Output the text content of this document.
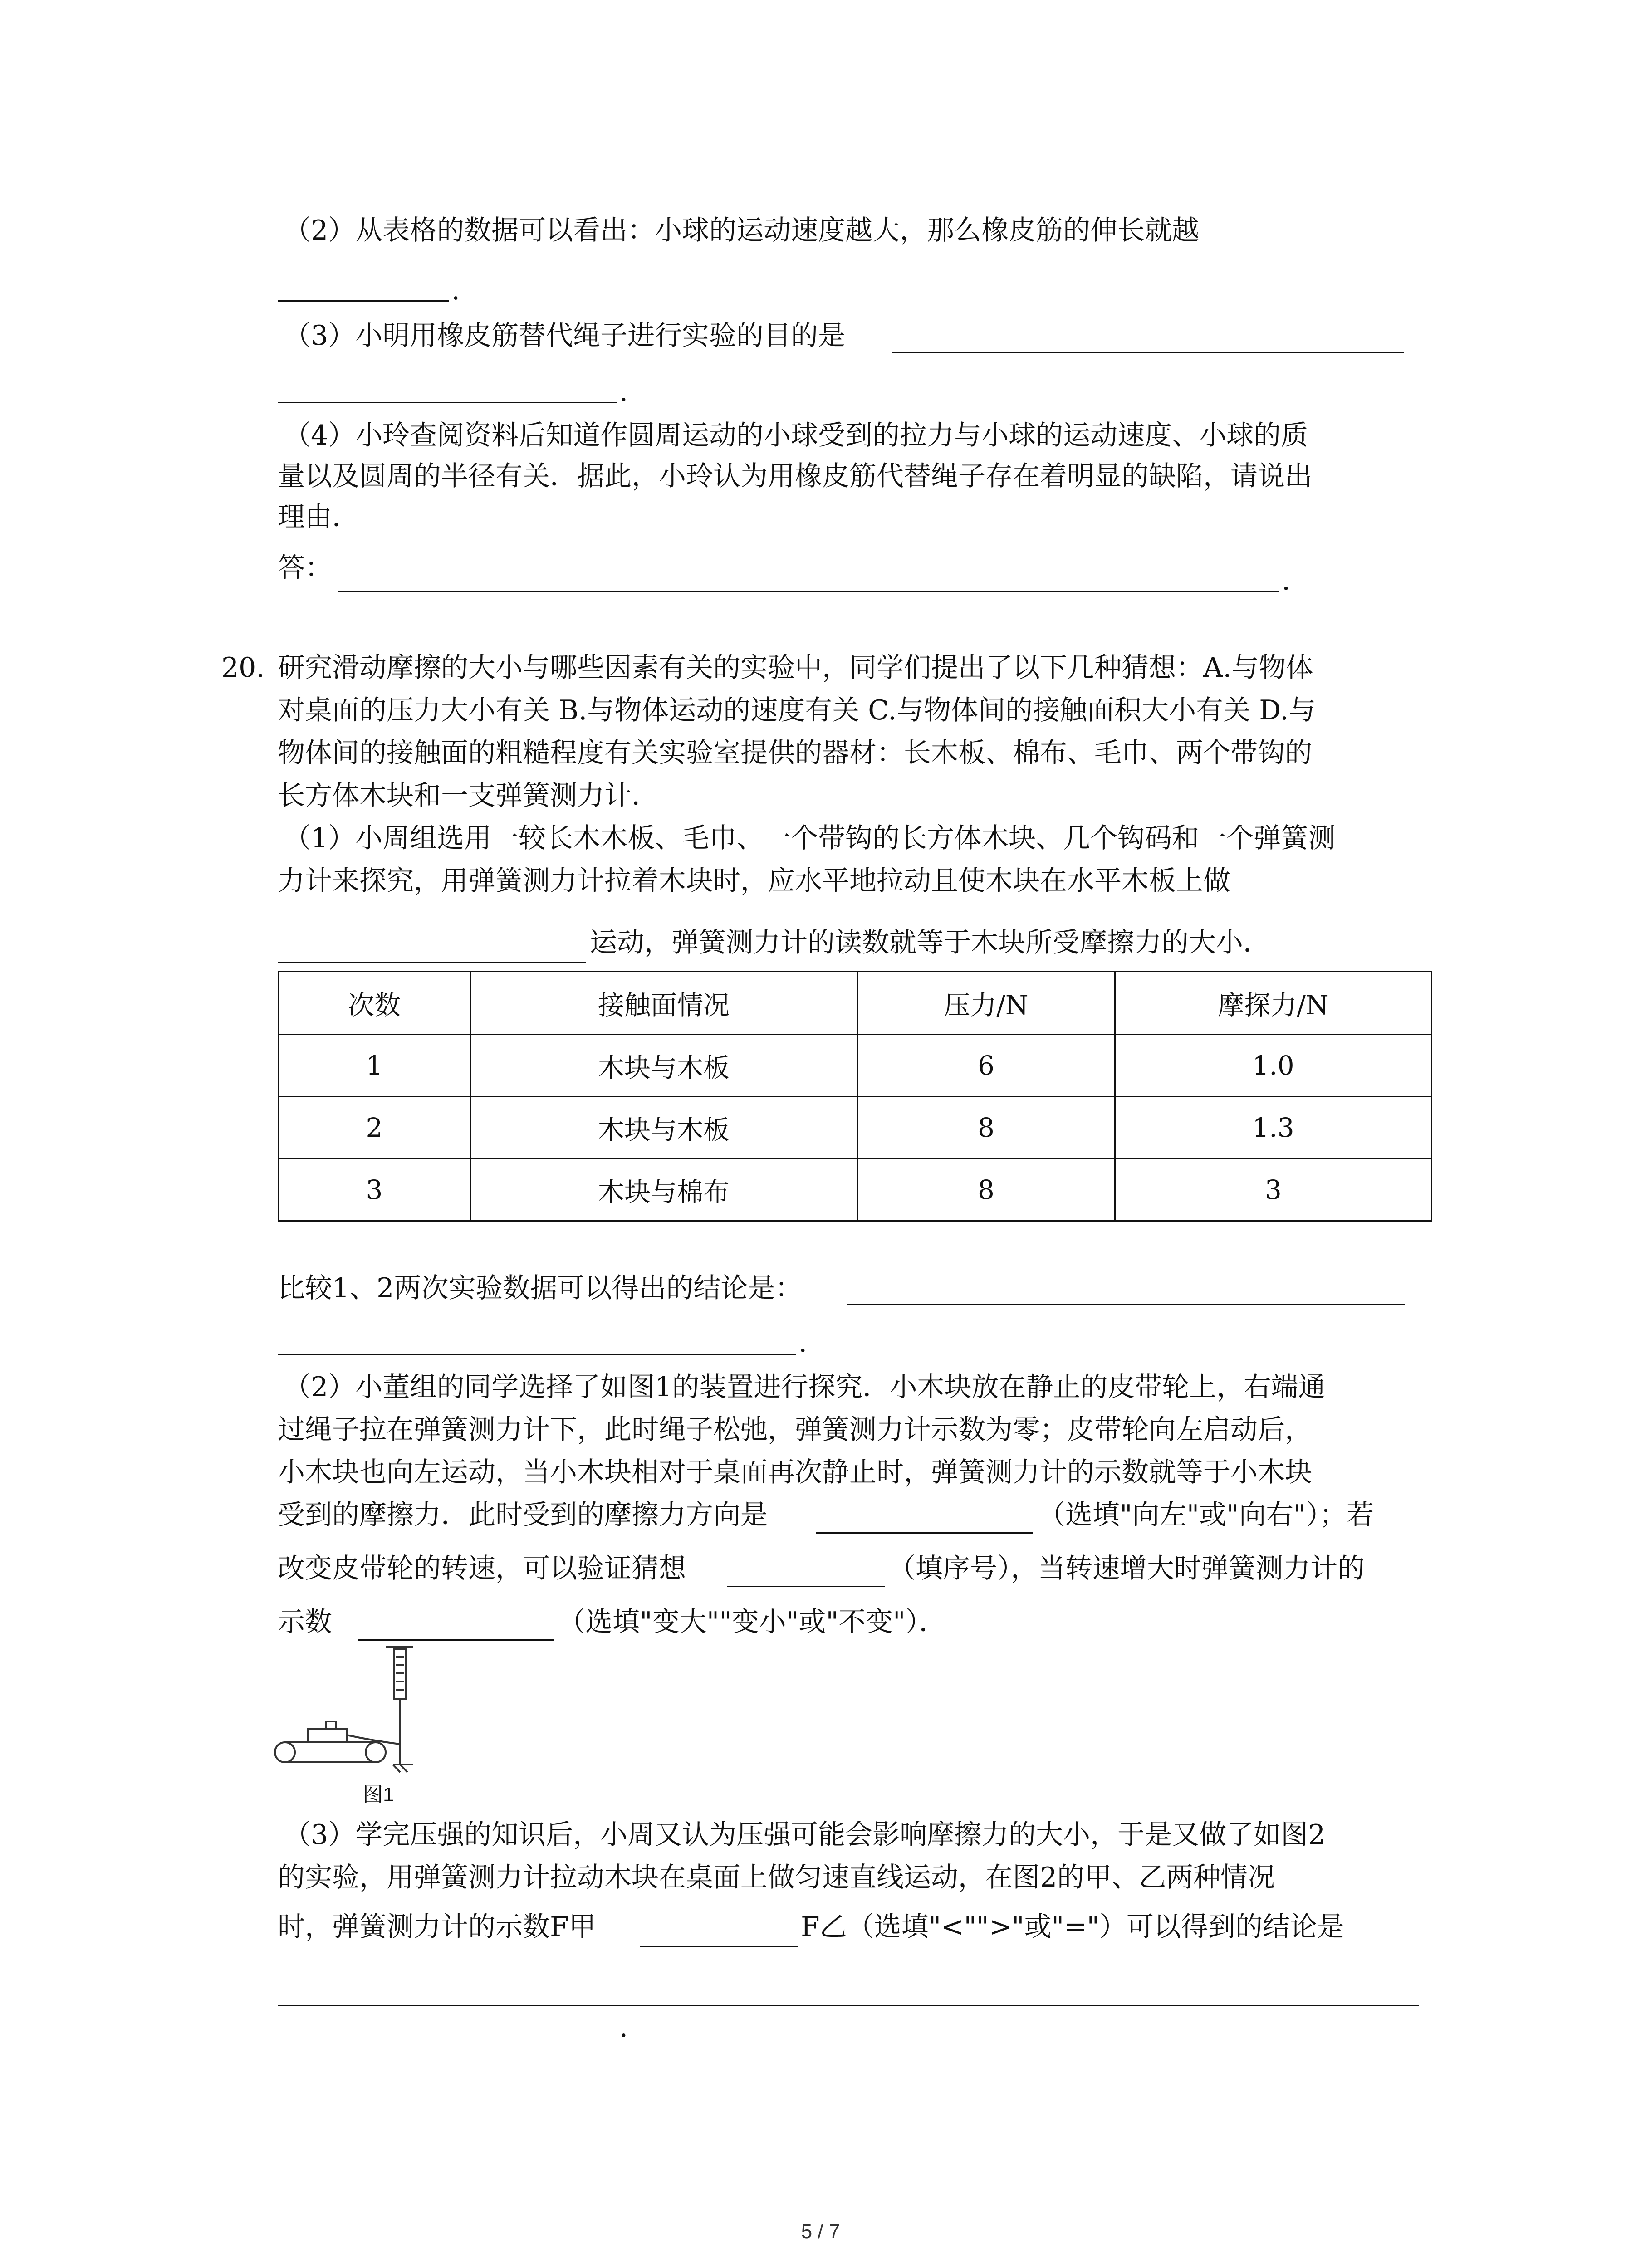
（2）从表格的数据可以看出：小球的运动速度越大，那么橡皮筋的伸长就越
.
（3）小明用橡皮筋替代绳子进行实验的目的是
.
（4）小玲查阅资料后知道作圆周运动的小球受到的拉力与小球的运动速度、小球的质
量以及圆周的半径有关．据此，小玲认为用橡皮筋代替绳子存在着明显的缺陷，请说出
理由．
答：	.
20. 研究滑动摩擦的大小与哪些因素有关的实验中，同学们提出了以下几种猜想：A.与物体
对桌面的压力大小有关 B.与物体运动的速度有关 C.与物体间的接触面积大小有关 D.与
物体间的接触面的粗糙程度有关实验室提供的器材：长木板、棉布、毛巾、两个带钩的
长方体木块和一支弹簧测力计．
（1）小周组选用一较长木木板、毛巾、一个带钩的长方体木块、几个钩码和一个弹簧测
力计来探究，用弹簧测力计拉着木块时，应水平地拉动且使木块在水平木板上做
运动，弹簧测力计的读数就等于木块所受摩擦力的大小．
次数	接触面情况	压力/N	摩探力/N
1	木块与木板	6	1.0
2	木块与木板	8	1.3
3	木块与棉布	8	3
比较1、2两次实验数据可以得出的结论是：
.
（2）小董组的同学选择了如图1的装置进行探究．小木块放在静止的皮带轮上，右端通
过绳子拉在弹簧测力计下，此时绳子松弛，弹簧测力计示数为零；皮带轮向左启动后，
小木块也向左运动，当小木块相对于桌面再次静止时，弹簧测力计的示数就等于小木块
受到的摩擦力．此时受到的摩擦力方向是	（选填"向左"或"向右"）；若
改变皮带轮的转速，可以验证猜想	（填序号），当转速增大时弹簧测力计的
示数	（选填"变大""变小"或"不变"）．
图1
（3）学完压强的知识后，小周又认为压强可能会影响摩擦力的大小，于是又做了如图2
的实验，用弹簧测力计拉动木块在桌面上做匀速直线运动，在图2的甲、乙两种情况
时，弹簧测力计的示数F甲	F乙（选填"<"">"或"="）可以得到的结论是
.
5 / 7
